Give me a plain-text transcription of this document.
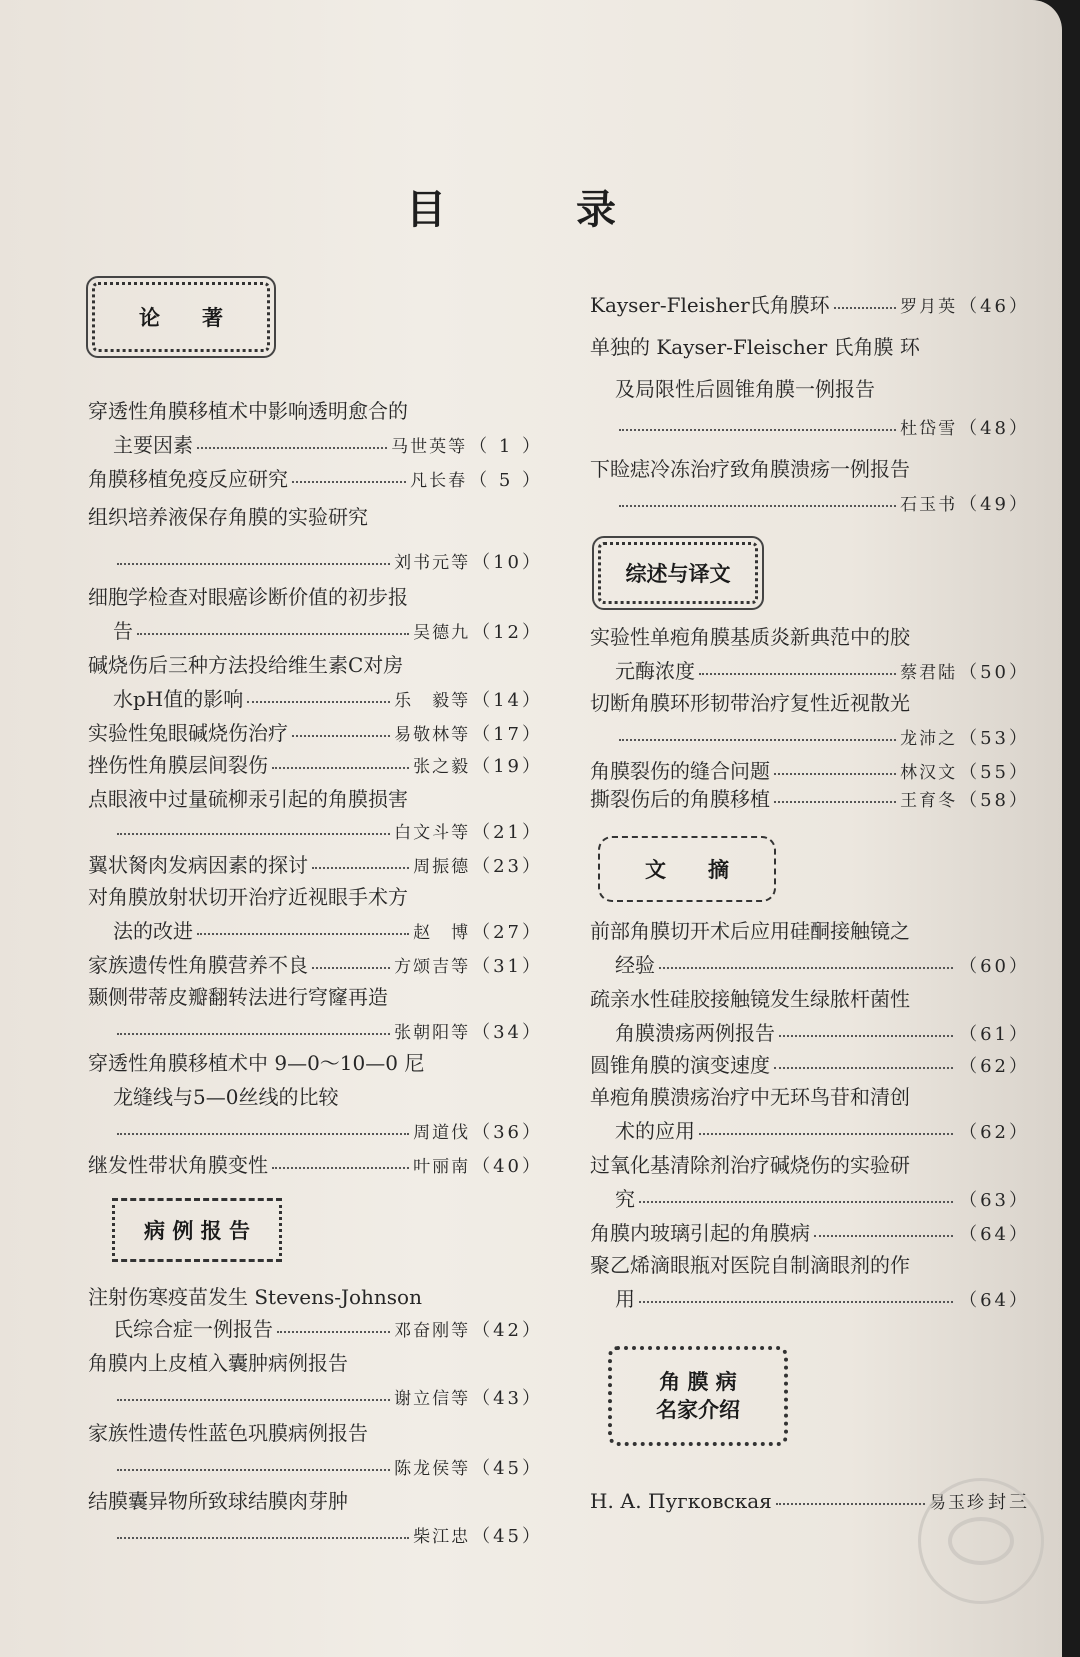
目 录
论　　著
病 例 报 告
综述与译文
文　　摘
角 膜 病
名家介绍
穿透性角膜移植术中影响透明愈合的
主要因素	马世英等 （ 1 ）
角膜移植免疫反应研究	凡长春 （ 5 ）
组织培养液保存角膜的实验研究
刘书元等 （10）
细胞学检查对眼癌诊断价值的初步报
告	吴德九 （12）
碱烧伤后三种方法投给维生素C对房
水pH值的影响	乐　毅等 （14）
实验性兔眼碱烧伤治疗	易敬林等 （17）
挫伤性角膜层间裂伤	张之毅 （19）
点眼液中过量硫柳汞引起的角膜损害
白文斗等 （21）
翼状胬肉发病因素的探讨	周振德 （23）
对角膜放射状切开治疗近视眼手术方
法的改进	赵　博 （27）
家族遗传性角膜营养不良	方颂吉等 （31）
颞侧带蒂皮瓣翻转法进行穹窿再造
张朝阳等 （34）
穿透性角膜移植术中 9—0～10—0 尼
龙缝线与5—0丝线的比较
周道伐 （36）
继发性带状角膜变性	叶丽南 （40）
注射伤寒疫苗发生 Stevens-Johnson
氏综合症一例报告	邓奋刚等 （42）
角膜内上皮植入囊肿病例报告
谢立信等 （43）
家族性遗传性蓝色巩膜病例报告
陈龙侯等 （45）
结膜囊异物所致球结膜肉芽肿
柴江忠 （45）
Kayser-Fleisher氏角膜环	罗月英 （46）
单独的 Kayser-Fleischer 氏角膜 环
及局限性后圆锥角膜一例报告
杜岱雪 （48）
下睑痣冷冻治疗致角膜溃疡一例报告
石玉书 （49）
实验性单疱角膜基质炎新典范中的胶
元酶浓度	蔡君陆 （50）
切断角膜环形韧带治疗复性近视散光
龙沛之 （53）
角膜裂伤的缝合问题	林汉文 （55）
撕裂伤后的角膜移植	王育冬 （58）
前部角膜切开术后应用硅酮接触镜之
经验	（60）
疏亲水性硅胶接触镜发生绿脓杆菌性
角膜溃疡两例报告	（61）
圆锥角膜的演变速度	（62）
单疱角膜溃疡治疗中无环鸟苷和清创
术的应用	（62）
过氧化基清除剂治疗碱烧伤的实验研
究	（63）
角膜内玻璃引起的角膜病	（64）
聚乙烯滴眼瓶对医院自制滴眼剂的作
用	（64）
Н. А. Пугковская	易玉珍 封三
